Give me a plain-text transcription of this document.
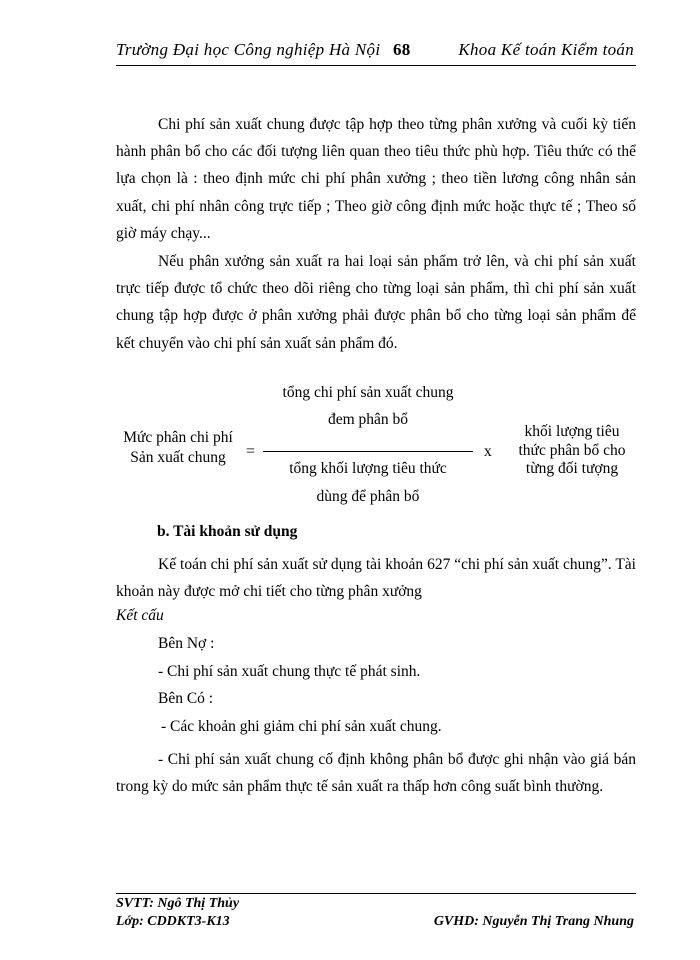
Trường Đại học Công nghiệp Hà Nội 68	Khoa Kế toán Kiểm toán
Chi phí sản xuất chung được tập hợp theo từng phân xưởng và cuối kỳ tiến hành phân bổ cho các đối tượng liên quan theo tiêu thức phù hợp. Tiêu thức có thể lựa chọn là : theo định mức chi phí phân xưởng ; theo tiền lương công nhân sản xuất, chi phí nhân công trực tiếp ; Theo giờ công định mức hoặc thực tế ; Theo số giờ máy chạy...
Nếu phân xưởng sản xuất ra hai loại sản phẩm trở lên, và chi phí sản xuất trực tiếp được tổ chức theo dõi riêng cho từng loại sản phẩm, thì chi phí sản xuất chung tập hợp được ở phân xưởng phải được phân bổ cho từng loại sản phẩm để kết chuyển vào chi phí sản xuất sản phẩm đó.
Mức phân chi phí
Sản xuất chung	=
tổng chi phí sản xuất chung
đem phân bổ
tổng khối lượng tiêu thức
dùng để phân bổ
x
khối lượng tiêu
thức phân bổ cho
từng đối tượng
b. Tài khoản sử dụng
Kế toán chi phí sản xuất sử dụng tài khoản 627 “chi phí sản xuất chung”. Tài khoản này được mở chi tiết cho từng phân xưởng
Kết cấu
Bên Nợ :
- Chi phí sản xuất chung thực tế phát sinh.
Bên Có :
- Các khoản ghi giảm chi phí sản xuất chung.
- Chi phí sản xuất chung cố định không phân bổ được ghi nhận vào giá bán trong kỳ do mức sản phẩm thực tế sản xuất ra thấp hơn công suất bình thường.
SVTT: Ngô Thị Thủy
Lớp: CDDKT3-K13	GVHD: Nguyễn Thị Trang Nhung
